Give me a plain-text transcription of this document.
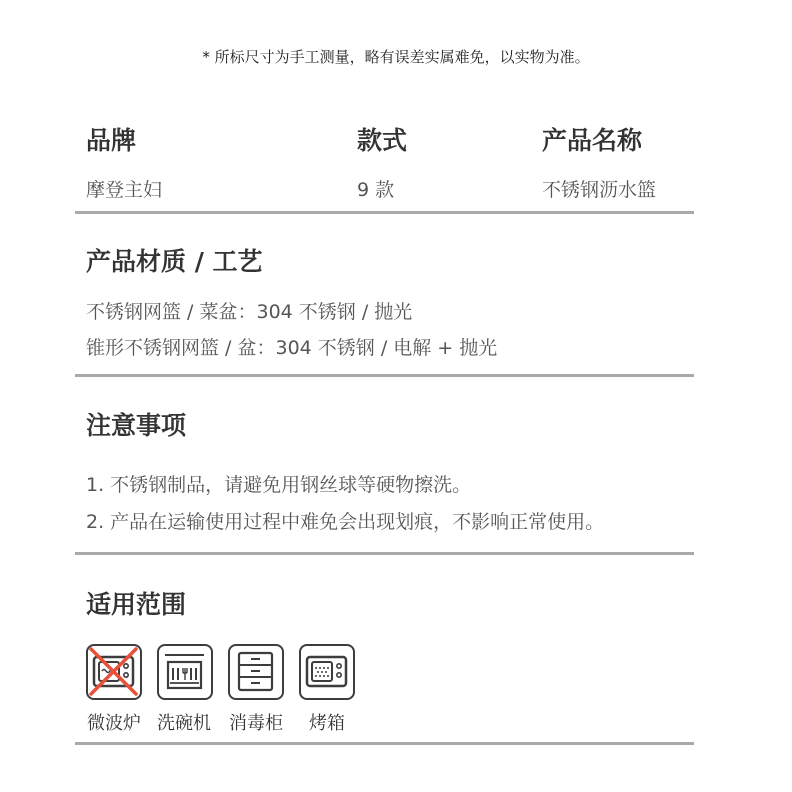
* 所标尺寸为手工测量，略有误差实属难免，以实物为准。
品牌	款式	产品名称
摩登主妇	9 款	不锈钢沥水篮
产品材质 / 工艺
不锈钢网篮 / 菜盆：304 不锈钢 / 抛光
锥形不锈钢网篮 / 盆：304 不锈钢 / 电解 + 抛光
注意事项
1. 不锈钢制品，请避免用钢丝球等硬物擦洗。
2. 产品在运输使用过程中难免会出现划痕，不影响正常使用。
适用范围
微波炉 洗碗机 消毒柜 烤箱
